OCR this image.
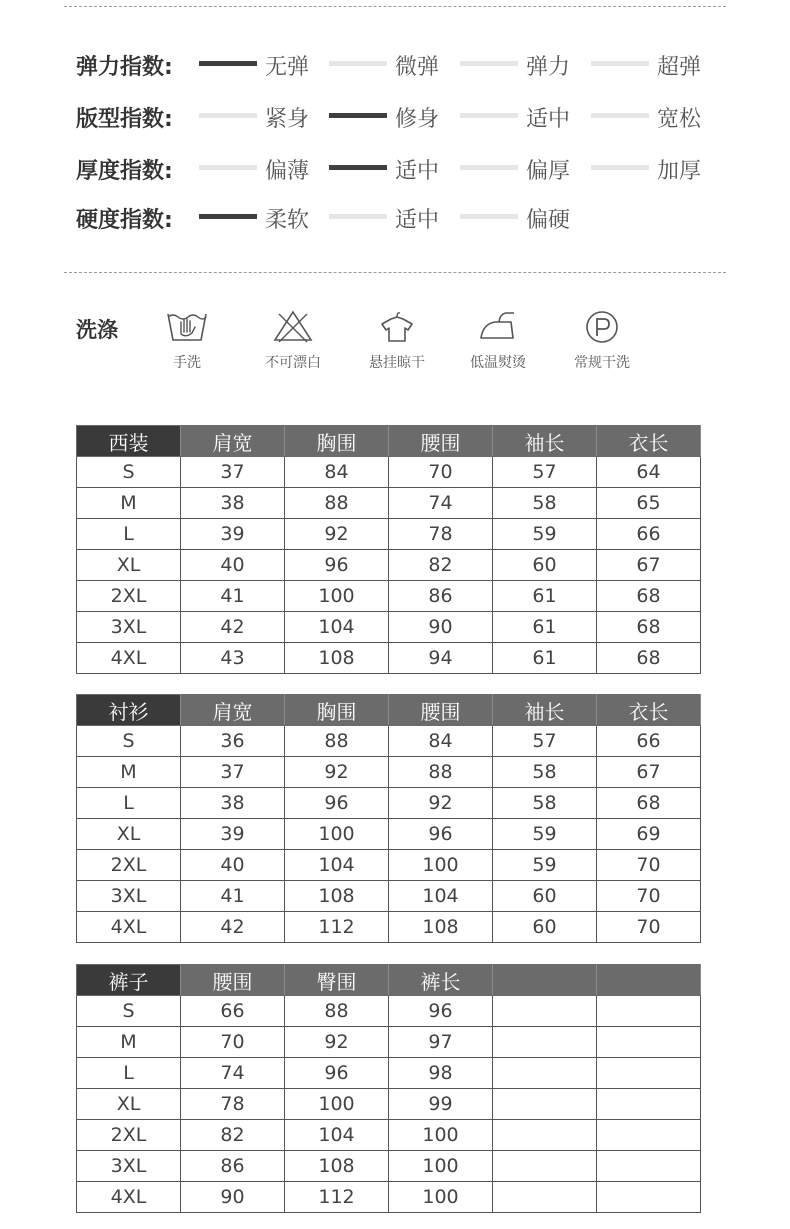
弹力指数:	无弹	微弹	弹力	超弹
版型指数:	紧身	修身	适中	宽松
厚度指数:	偏薄	适中	偏厚	加厚
硬度指数:	柔软	适中	偏硬
洗涤
手洗	不可漂白	悬挂晾干	低温熨烫	常规干洗
西装	肩宽	胸围	腰围	袖长	衣长
S	37	84	70	57	64
M	38	88	74	58	65
L	39	92	78	59	66
XL	40	96	82	60	67
2XL	41	100	86	61	68
3XL	42	104	90	61	68
4XL	43	108	94	61	68
衬衫	肩宽	胸围	腰围	袖长	衣长
S	36	88	84	57	66
M	37	92	88	58	67
L	38	96	92	58	68
XL	39	100	96	59	69
2XL	40	104	100	59	70
3XL	41	108	104	60	70
4XL	42	112	108	60	70
裤子	腰围	臀围	裤长		
S	66	88	96		
M	70	92	97		
L	74	96	98		
XL	78	100	99		
2XL	82	104	100		
3XL	86	108	100		
4XL	90	112	100		
